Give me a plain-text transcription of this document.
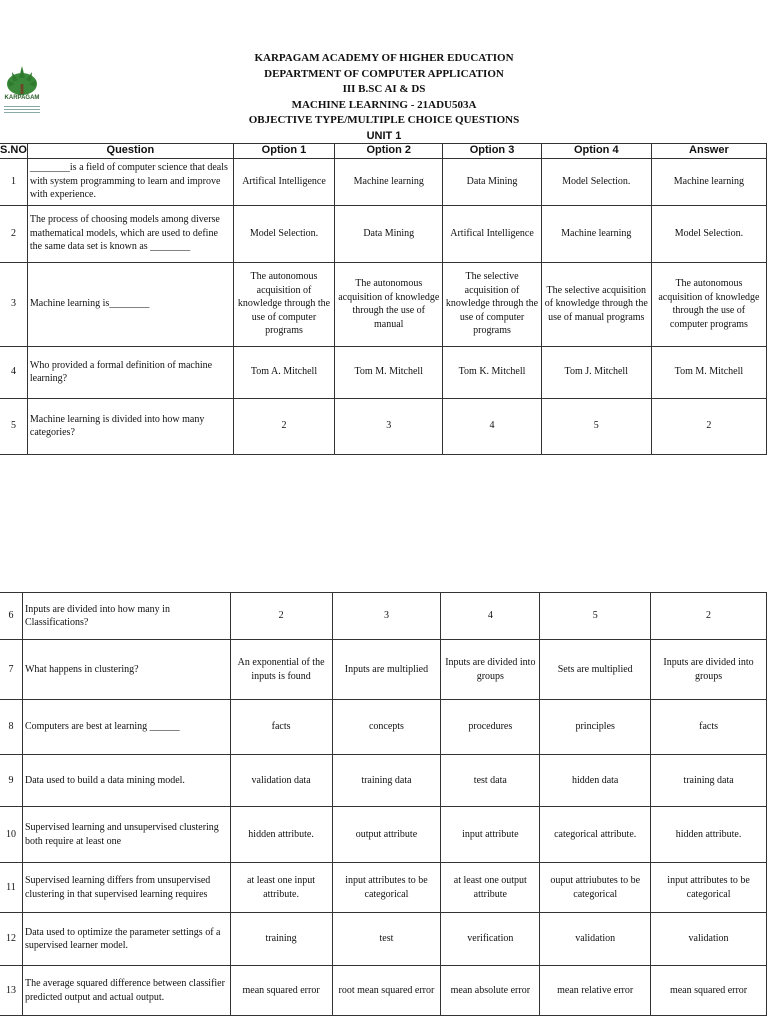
KARPAGAM
KARPAGAM ACADEMY OF HIGHER EDUCATION
DEPARTMENT OF COMPUTER APPLICATION
III B.SC AI & DS
MACHINE LEARNING - 21ADU503A
OBJECTIVE TYPE/MULTIPLE CHOICE QUESTIONS
UNIT 1
S.NO	Question	Option 1	Option 2	Option 3	Option 4	Answer
1	________is a field of computer science that deals with system programming to learn and improve with experience.	Artifical Intelligence	Machine learning	Data Mining	Model Selection.	Machine learning
2	The process of choosing models among diverse mathematical models, which are used to define the same data set is known as ________	Model Selection.	Data Mining	Artifical Intelligence	Machine learning	Model Selection.
3	Machine learning is________	The autonomous acquisition of knowledge through the use of computer programs	The autonomous acquisition of knowledge through the use of manual	The selective acquisition of knowledge through the use of computer programs	The selective acquisition of knowledge through the use of manual programs	The autonomous acquisition of knowledge through the use of computer programs
4	Who provided a formal definition of machine learning?	Tom A. Mitchell	Tom M. Mitchell	Tom K. Mitchell	Tom J. Mitchell	Tom M. Mitchell
5	Machine learning is divided into how many categories?	2	3	4	5	2
6	Inputs are divided into how many in Classifications?	2	3	4	5	2
7	What happens in clustering?	An exponential of the inputs is found	Inputs are multiplied	Inputs are divided into groups	Sets are multiplied	Inputs are divided into groups
8	Computers are best at learning ______	facts	concepts	procedures	principles	facts
9	Data used to build a data mining model.	validation data	training data	test data	hidden data	training data
10	Supervised learning and unsupervised clustering both require at least one	hidden attribute.	output attribute	input attribute	categorical attribute.	hidden attribute.
11	Supervised learning differs from unsupervised clustering in that supervised learning requires	at least one input attribute.	input attributes to be categorical	at least one output attribute	ouput attriubutes to be categorical	input attributes to be categorical
12	Data used to optimize the parameter settings of a supervised learner model.	training	test	verification	validation	validation
13	The average squared difference between classifier predicted output and actual output.	mean squared error	root mean squared error	mean absolute error	mean relative error	mean squared error
